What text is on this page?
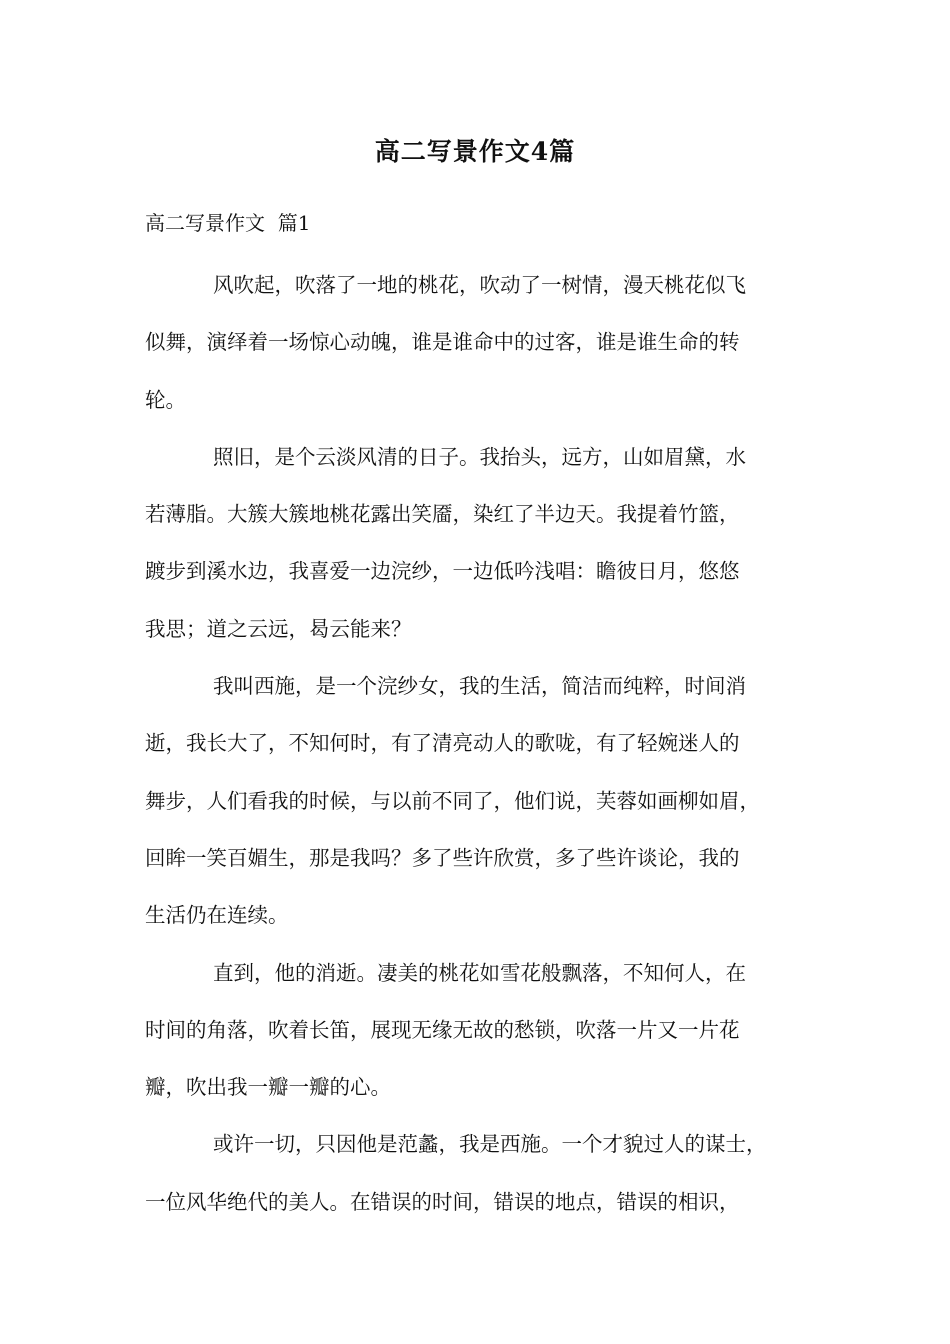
高二写景作文4篇
高二写景作文  篇1
风吹起，吹落了一地的桃花，吹动了一树情，漫天桃花似飞
似舞，演绎着一场惊心动魄，谁是谁命中的过客，谁是谁生命的转
轮。
照旧，是个云淡风清的日子。我抬头，远方，山如眉黛，水
若薄脂。大簇大簇地桃花露出笑靥，染红了半边天。我提着竹篮，
踱步到溪水边，我喜爱一边浣纱，一边低吟浅唱：瞻彼日月，悠悠
我思；道之云远，曷云能来？
我叫西施，是一个浣纱女，我的生活，简洁而纯粹，时间消
逝，我长大了，不知何时，有了清亮动人的歌咙，有了轻婉迷人的
舞步，人们看我的时候，与以前不同了，他们说，芙蓉如画柳如眉，
回眸一笑百媚生，那是我吗？多了些许欣赏，多了些许谈论，我的
生活仍在连续。
直到，他的消逝。凄美的桃花如雪花般飘落，不知何人，在
时间的角落，吹着长笛，展现无缘无故的愁锁，吹落一片又一片花
瓣，吹出我一瓣一瓣的心。
或许一切，只因他是范蠡，我是西施。一个才貌过人的谋士，
一位风华绝代的美人。在错误的时间，错误的地点，错误的相识，
